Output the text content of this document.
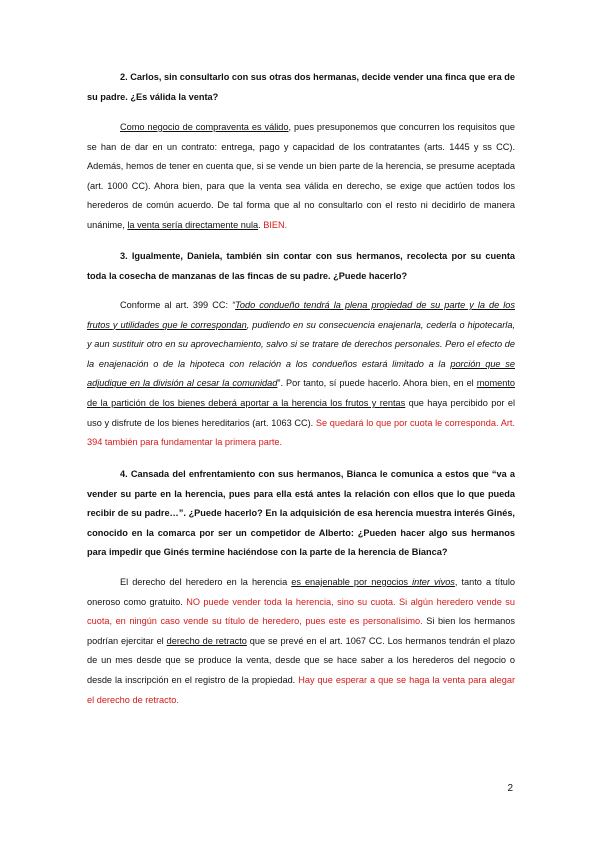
2. Carlos, sin consultarlo con sus otras dos hermanas, decide vender una finca que era de su padre. ¿Es válida la venta?
Como negocio de compraventa es válido, pues presuponemos que concurren los requisitos que se han de dar en un contrato: entrega, pago y capacidad de los contratantes (arts. 1445 y ss CC). Además, hemos de tener en cuenta que, si se vende un bien parte de la herencia, se presume aceptada (art. 1000 CC). Ahora bien, para que la venta sea válida en derecho, se exige que actúen todos los herederos de común acuerdo. De tal forma que al no consultarlo con el resto ni decidirlo de manera unánime, la venta sería directamente nula. BIEN.
3. Igualmente, Daniela, también sin contar con sus hermanos, recolecta por su cuenta toda la cosecha de manzanas de las fincas de su padre. ¿Puede hacerlo?
Conforme al art. 399 CC: “Todo condueño tendrá la plena propiedad de su parte y la de los frutos y utilidades que le correspondan, pudiendo en su consecuencia enajenarla, cederla o hipotecarla, y aun sustituir otro en su aprovechamiento, salvo si se tratare de derechos personales. Pero el efecto de la enajenación o de la hipoteca con relación a los condueños estará limitado a la porción que se adjudique en la división al cesar la comunidad”. Por tanto, sí puede hacerlo. Ahora bien, en el momento de la partición de los bienes deberá aportar a la herencia los frutos y rentas que haya percibido por el uso y disfrute de los bienes hereditarios (art. 1063 CC). Se quedará lo que por cuota le corresponda. Art. 394 también para fundamentar la primera parte.
4. Cansada del enfrentamiento con sus hermanos, Bianca le comunica a estos que “va a vender su parte en la herencia, pues para ella está antes la relación con ellos que lo que pueda recibir de su padre…”. ¿Puede hacerlo? En la adquisición de esa herencia muestra interés Ginés, conocido en la comarca por ser un competidor de Alberto: ¿Pueden hacer algo sus hermanos para impedir que Ginés termine haciéndose con la parte de la herencia de Bianca?
El derecho del heredero en la herencia es enajenable por negocios inter vivos, tanto a título oneroso como gratuito. NO puede vender toda la herencia, sino su cuota. Si algún heredero vende su cuota, en ningún caso vende su título de heredero, pues este es personalísimo. Si bien los hermanos podrían ejercitar el derecho de retracto que se prevé en el art. 1067 CC. Los hermanos tendrán el plazo de un mes desde que se produce la venta, desde que se hace saber a los herederos del negocio o desde la inscripción en el registro de la propiedad. Hay que esperar a que se haga la venta para alegar el derecho de retracto.
2
